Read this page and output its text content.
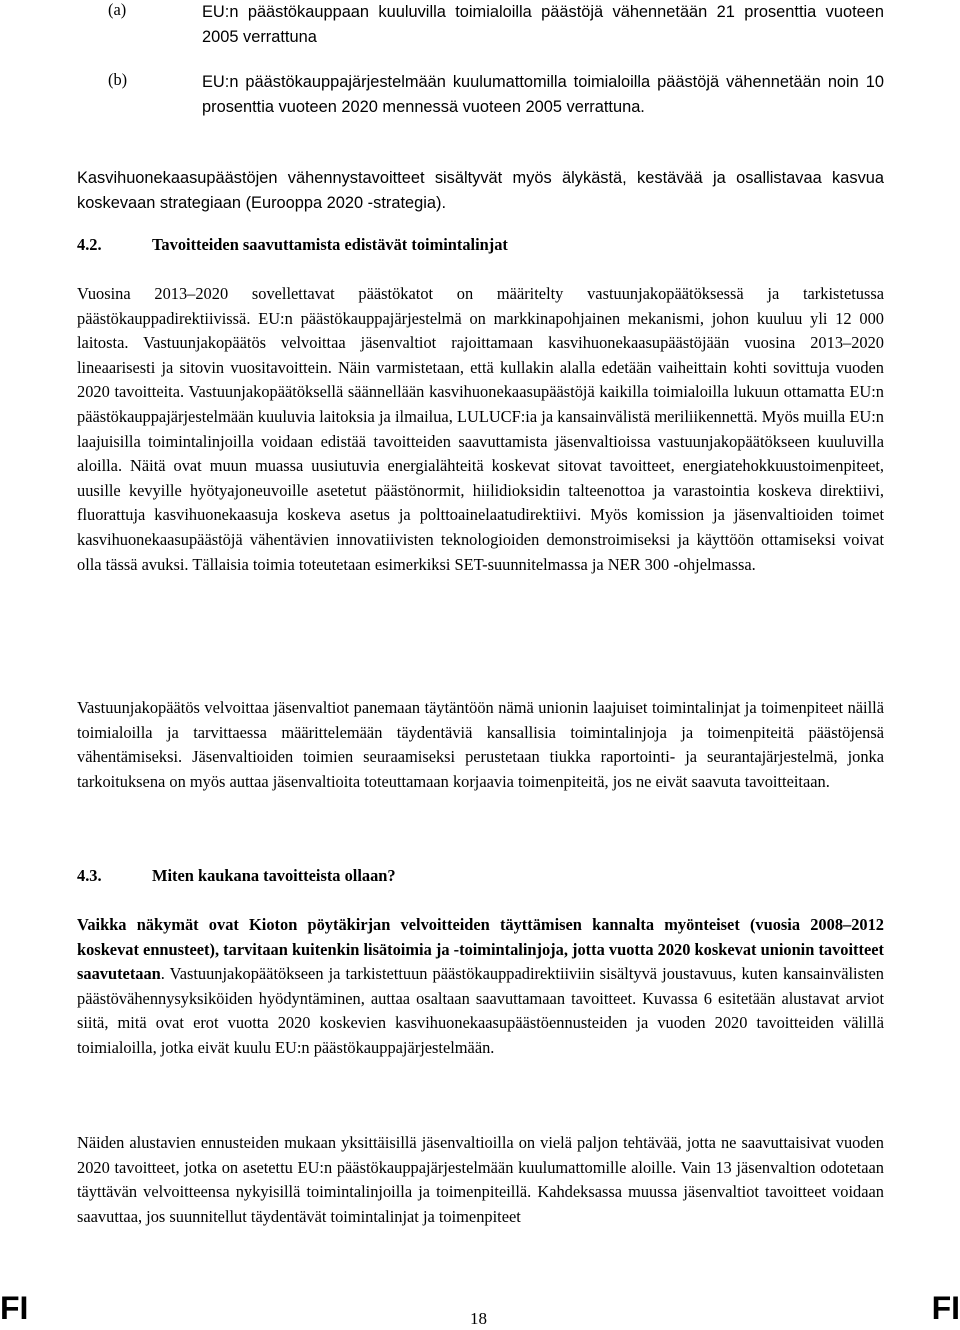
(a)	EU:n päästökauppaan kuuluvilla toimialoilla päästöjä vähennetään 21 prosenttia vuoteen 2005 verrattuna
(b)	EU:n päästökauppajärjestelmään kuulumattomilla toimialoilla päästöjä vähennetään noin 10 prosenttia vuoteen 2020 mennessä vuoteen 2005 verrattuna.

Kasvihuonekaasupäästöjen vähennystavoitteet sisältyvät myös älykästä, kestävää ja osallistavaa kasvua koskevaan strategiaan (Eurooppa 2020 -strategia).

4.2.	Tavoitteiden saavuttamista edistävät toimintalinjat

Vuosina 2013–2020 sovellettavat päästökatot on määritelty vastuunjakopäätöksessä ja tarkistetussa päästökauppadirektiivissä. EU:n päästökauppajärjestelmä on markkinapohjainen mekanismi, johon kuuluu yli 12 000 laitosta. Vastuunjakopäätös velvoittaa jäsenvaltiot rajoittamaan kasvihuonekaasupäästöjään vuosina 2013–2020 lineaarisesti ja sitovin vuositavoittein. Näin varmistetaan, että kullakin alalla edetään vaiheittain kohti sovittuja vuoden 2020 tavoitteita. Vastuunjakopäätöksellä säännellään kasvihuonekaasupäästöjä kaikilla toimialoilla lukuun ottamatta EU:n päästökauppajärjestelmään kuuluvia laitoksia ja ilmailua, LULUCF:ia ja kansainvälistä meriliikennettä. Myös muilla EU:n laajuisilla toimintalinjoilla voidaan edistää tavoitteiden saavuttamista jäsenvaltioissa vastuunjakopäätökseen kuuluvilla aloilla. Näitä ovat muun muassa uusiutuvia energialähteitä koskevat sitovat tavoitteet, energiatehokkuustoimenpiteet, uusille kevyille hyötyajoneuvoille asetetut päästönormit, hiilidioksidin talteenottoa ja varastointia koskeva direktiivi, fluorattuja kasvihuonekaasuja koskeva asetus ja polttoainelaatudirektiivi. Myös komission ja jäsenvaltioiden toimet kasvihuonekaasupäästöjä vähentävien innovatiivisten teknologioiden demonstroimiseksi ja käyttöön ottamiseksi voivat olla tässä avuksi. Tällaisia toimia toteutetaan esimerkiksi SET-suunnitelmassa ja NER 300 -ohjelmassa.

Vastuunjakopäätös velvoittaa jäsenvaltiot panemaan täytäntöön nämä unionin laajuiset toimintalinjat ja toimenpiteet näillä toimialoilla ja tarvittaessa määrittelemään täydentäviä kansallisia toimintalinjoja ja toimenpiteitä päästöjensä vähentämiseksi. Jäsenvaltioiden toimien seuraamiseksi perustetaan tiukka raportointi- ja seurantajärjestelmä, jonka tarkoituksena on myös auttaa jäsenvaltioita toteuttamaan korjaavia toimenpiteitä, jos ne eivät saavuta tavoitteitaan.

4.3.	Miten kaukana tavoitteista ollaan?

Vaikka näkymät ovat Kioton pöytäkirjan velvoitteiden täyttämisen kannalta myönteiset (vuosia 2008–2012 koskevat ennusteet), tarvitaan kuitenkin lisätoimia ja -toimintalinjoja, jotta vuotta 2020 koskevat unionin tavoitteet saavutetaan. Vastuunjakopäätökseen ja tarkistettuun päästökauppadirektiiviin sisältyvä joustavuus, kuten kansainvälisten päästövähennysyksiköiden hyödyntäminen, auttaa osaltaan saavuttamaan tavoitteet. Kuvassa 6 esitetään alustavat arviot siitä, mitä ovat erot vuotta 2020 koskevien kasvihuonekaasupäästöennusteiden ja vuoden 2020 tavoitteiden välillä toimialoilla, jotka eivät kuulu EU:n päästökauppajärjestelmään.

Näiden alustavien ennusteiden mukaan yksittäisillä jäsenvaltioilla on vielä paljon tehtävää, jotta ne saavuttaisivat vuoden 2020 tavoitteet, jotka on asetettu EU:n päästökauppajärjestelmään kuulumattomille aloille. Vain 13 jäsenvaltion odotetaan täyttävän velvoitteensa nykyisillä toimintalinjoilla ja toimenpiteillä. Kahdeksassa muussa jäsenvaltiot tavoitteet voidaan saavuttaa, jos suunnitellut täydentävät toimintalinjat ja toimenpiteet

FI	18	FI
